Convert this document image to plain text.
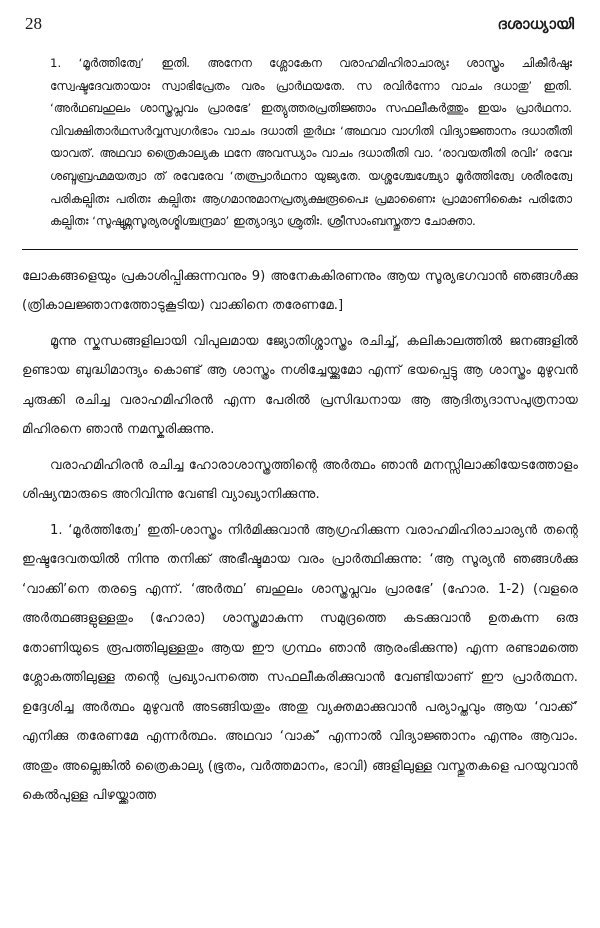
28	ദശാധ്യായി

1. ‘മൂർത്തിത്വേ’ ഇതി. അനേന ശ്ലോകേന വരാഹമിഹിരാചാര്യഃ ശാസ്ത്രം ചികീർഷുഃ സ്വേഷ്ടദേവതായാഃ സ്വാഭിപ്രേതം വരം പ്രാർഥയതേ. സ രവിർന്നോ വാചം ദധാതു’ ഇതി. ‘അർഥബഹുലം ശാസ്ത്രപ്ലവം പ്രാരഭേ’ ഇത്യുത്തരപ്രതിജ്ഞാം സഫലീകർത്തും ഇയം പ്രാർഥനാ. വിവക്ഷിതാർഥസർവ്വസ്വഗർഭാം വാചം ദധാതി തുർഥഃ ‘അഥവാ വാഗിതി വിദ്യാജ്ഞാനം ദധാതീതി യാവത്. അഥവാ ത്രൈകാല്യക ഥനേ അവന്ധ്യാം വാചം ദധാതീതി വാ. ‘രാവയതീതി രവിഃ’ രവേഃ ശബ്ദബ്രഹ്മമയത്വാ ത് രവേരേവ ‘തത്പ്രാർഥനാ യുജ്യതേ. യശ്ശശ്ചേശ്ച്യോ മൂർത്തിത്വേ ശരീരത്വേ പരികല്പിതഃ പരിതഃ കല്പിതഃ ആഗമാനുമാനപ്രത്യക്ഷരൂപൈഃ പ്രമാണൈഃ പ്രാമാണികൈഃ പരിതോ കല്പിതഃ ‘സൂഷുമ്ണസൂര്യരശ്മിശ്ചന്ദ്രമാ’ ഇത്യാദ്യാ ശ്രുതിഃ. ശ്രീസാംബസ്തുതൗ ചോക്താ.

ലോകങ്ങളെയും പ്രകാശിപ്പിക്കുന്നവനും 9) അനേകകിരണനും ആയ സൂര്യഭഗവാൻ ഞങ്ങൾക്കു (ത്രികാലജ്ഞാനത്തോടുകൂടിയ) വാക്കിനെ തരേണമേ.]

മൂന്നു സ്കന്ധങ്ങളിലായി വിപുലമായ ജ്യോതിശ്ശാസ്ത്രം രചിച്ച്, കലികാലത്തിൽ ജനങ്ങളിൽ ഉണ്ടായ ബുദ്ധിമാന്ദ്യം കൊണ്ട് ആ ശാസ്ത്രം നശിച്ചേയ്ക്കുമോ എന്ന് ഭയപ്പെട്ടു ആ ശാസ്ത്രം മുഴുവൻ ചുരുക്കി രചിച്ച വരാഹമിഹിരൻ എന്ന പേരിൽ പ്രസിദ്ധനായ ആ ആദിത്യദാസപുത്രനായ മിഹിരനെ ഞാൻ നമസ്കരിക്കുന്നു.

വരാഹമിഹിരൻ രചിച്ച ഹോരാശാസ്ത്രത്തിന്റെ അർത്ഥം ഞാൻ മനസ്സിലാക്കിയേടത്തോളം ശിഷ്യന്മാരുടെ അറിവിന്നു വേണ്ടി വ്യാഖ്യാനിക്കുന്നു.

1. ‘മൂർത്തിത്വേ’ ഇതി-ശാസ്ത്രം നിർമിക്കുവാൻ ആഗ്രഹിക്കുന്ന വരാഹമിഹിരാചാര്യൻ തന്റെ ഇഷ്ടദേവതയിൽ നിന്നു തനിക്ക് അഭീഷ്ടമായ വരം പ്രാർത്ഥിക്കുന്നു: ‘ആ സൂര്യൻ ഞങ്ങൾക്കു ‘വാക്കി’നെ തരട്ടെ എന്ന്. ‘അർത്ഥ’ ബഹുലം ശാസ്ത്രപ്ലവം പ്രാരഭേ’ (ഹോര. 1-2) (വളരെ അർത്ഥങ്ങളുള്ളതും (ഹോരാ) ശാസ്ത്രമാകുന്ന സമുദ്രത്തെ കടക്കുവാൻ ഉതകുന്ന ഒരു തോണിയുടെ രൂപത്തിലുള്ളതും ആയ ഈ ഗ്രന്ഥം ഞാൻ ആരംഭിക്കുന്നു) എന്ന രണ്ടാമത്തെ ശ്ലോകത്തിലുള്ള തന്റെ പ്രഖ്യാപനത്തെ സഫലീകരിക്കുവാൻ വേണ്ടിയാണ് ഈ പ്രാർത്ഥന. ഉദ്ദേശിച്ച അർത്ഥം മുഴുവൻ അടങ്ങിയതും അതു വ്യക്തമാക്കുവാൻ പര്യാപ്തവും ആയ ‘വാക്ക്’ എനിക്കു തരേണമേ എന്നർത്ഥം. അഥവാ ‘വാക്’ എന്നാൽ വിദ്യാജ്ഞാനം എന്നും ആവാം. അതും അല്ലെങ്കിൽ ത്രൈകാല്യ (ഭൂതം, വർത്തമാനം, ഭാവി) ങ്ങളിലുള്ള വസ്തുതകളെ പറയുവാൻ കെൽപുള്ള പിഴയ്ക്കാത്ത
